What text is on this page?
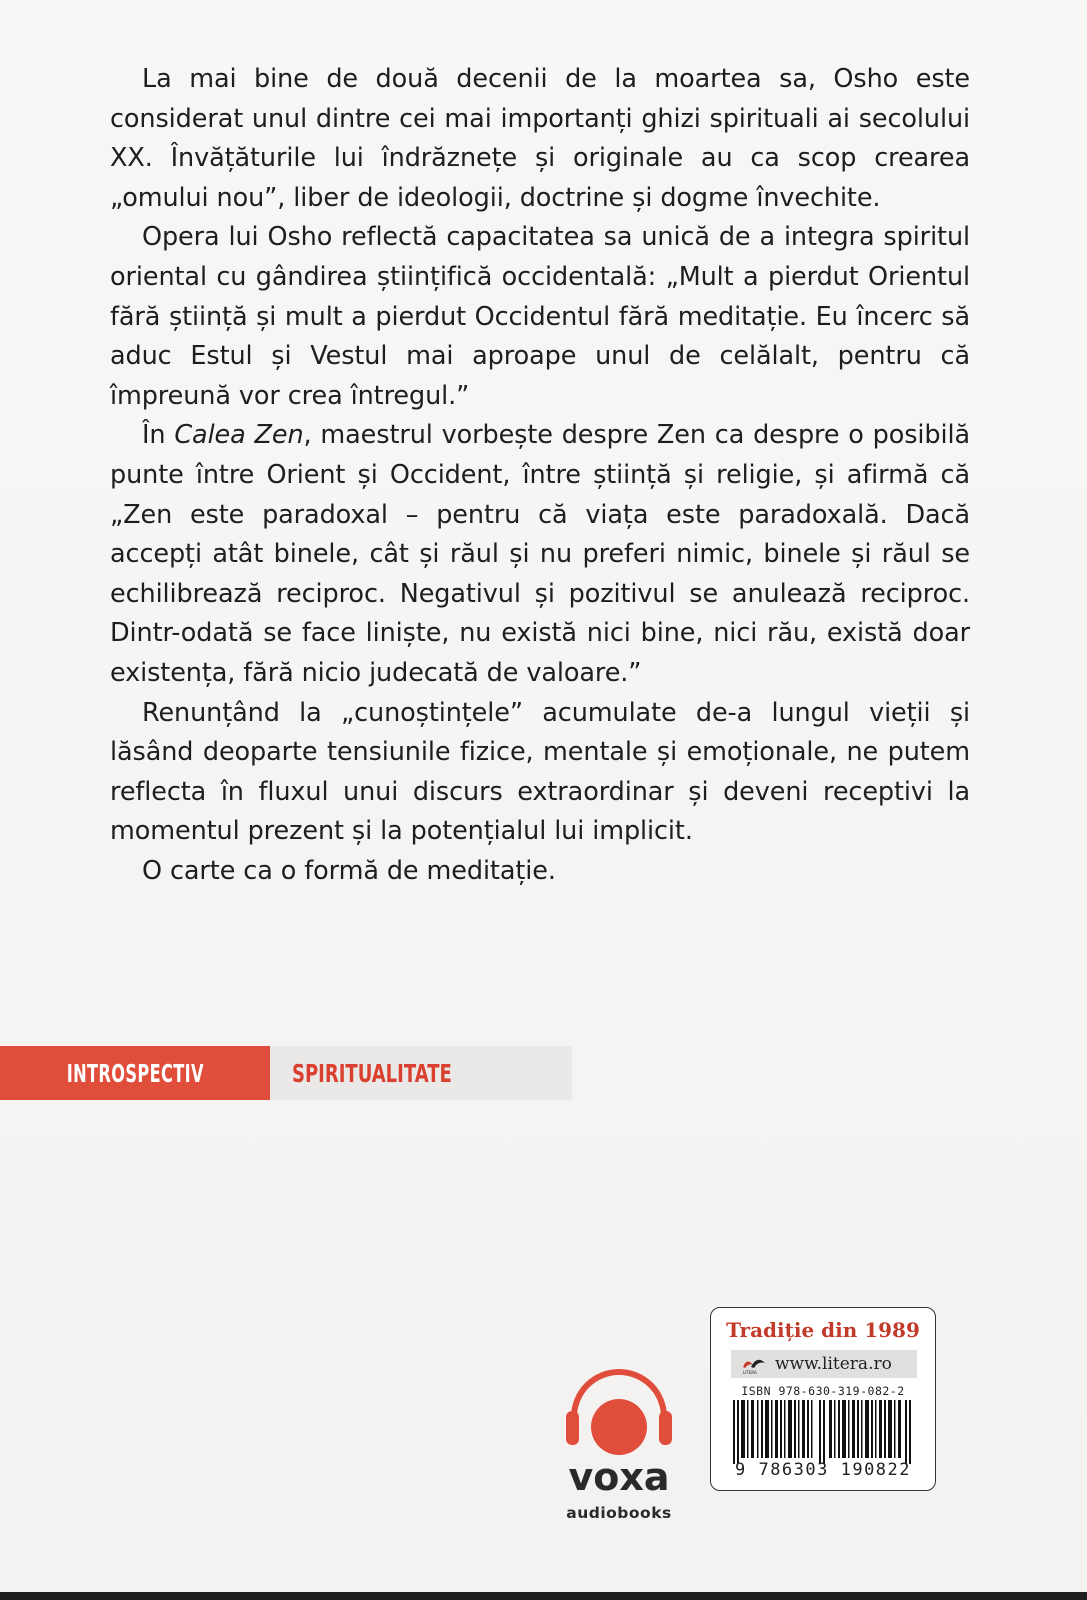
La mai bine de două decenii de la moartea sa, Osho este considerat unul dintre cei mai importanți ghizi spirituali ai secolului XX. Învățăturile lui îndrăznețe și originale au ca scop crearea „omului nou”, liber de ideologii, doctrine și dogme învechite.

Opera lui Osho reflectă capacitatea sa unică de a integra spiritul oriental cu gândirea științifică occidentală: „Mult a pierdut Orientul fără știință și mult a pierdut Occidentul fără meditație. Eu încerc să aduc Estul și Vestul mai aproape unul de celălalt, pentru că împreună vor crea întregul.”

În Calea Zen, maestrul vorbește despre Zen ca despre o posibilă punte între Orient și Occident, între știință și religie, și afirmă că „Zen este paradoxal – pentru că viața este paradoxală. Dacă accepți atât binele, cât și răul și nu preferi nimic, binele și răul se echilibrează reciproc. Negativul și pozitivul se anulează reciproc. Dintr-odată se face liniște, nu există nici bine, nici rău, există doar existența, fără nicio judecată de valoare.”

Renunțând la „cunoștințele” acumulate de-a lungul vieții și lăsând deoparte tensiunile fizice, mentale și emoționale, ne putem reflecta în fluxul unui discurs extraordinar și deveni receptivi la momentul prezent și la potențialul lui implicit.

O carte ca o formă de meditație.

INTROSPECTIV	SPIRITUALITATE
voxa
audiobooks
Tradiție din 1989
LITERA www.litera.ro
ISBN 978-630-319-082-2
9 786303 190822
